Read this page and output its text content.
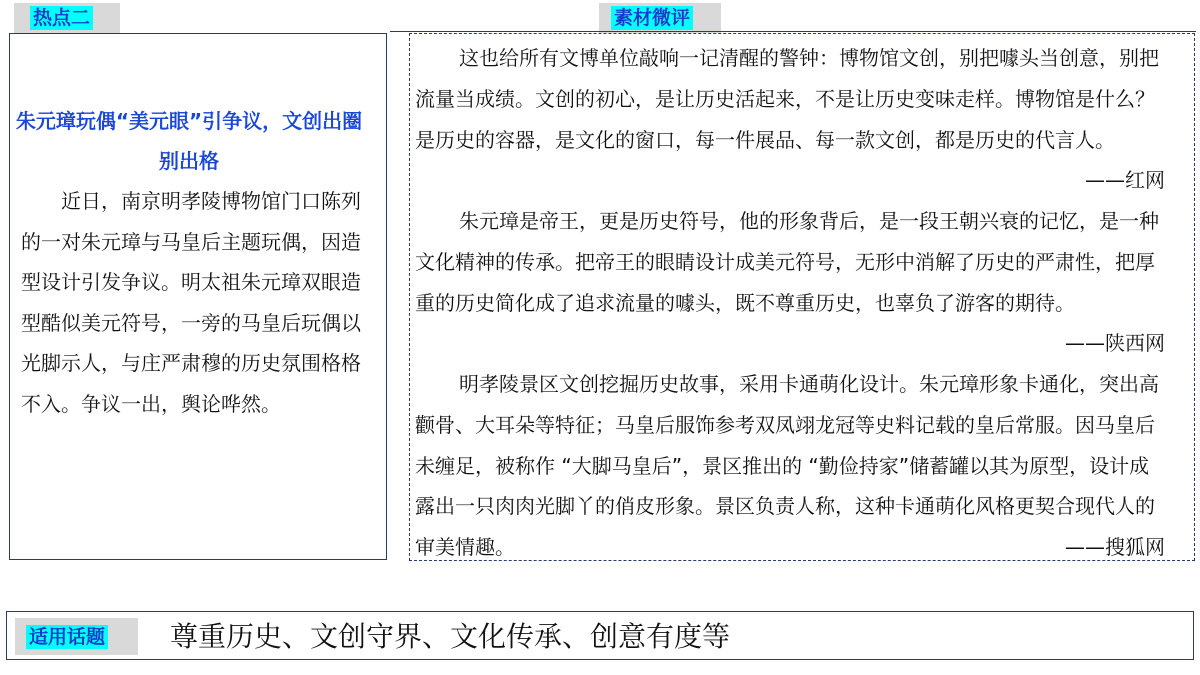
热点二	素材微评
朱元璋玩偶“美元眼”引争议，文创出圈别出格
近日，南京明孝陵博物馆门口陈列的一对朱元璋与马皇后主题玩偶，因造型设计引发争议。明太祖朱元璋双眼造型酷似美元符号，一旁的马皇后玩偶以光脚示人，与庄严肃穆的历史氛围格格不入。争议一出，舆论哗然。
这也给所有文博单位敲响一记清醒的警钟：博物馆文创，别把噱头当创意，别把流量当成绩。文创的初心，是让历史活起来，不是让历史变味走样。博物馆是什么？是历史的容器，是文化的窗口，每一件展品、每一款文创，都是历史的代言人。
——红网
朱元璋是帝王，更是历史符号，他的形象背后，是一段王朝兴衰的记忆，是一种文化精神的传承。把帝王的眼睛设计成美元符号，无形中消解了历史的严肃性，把厚重的历史简化成了追求流量的噱头，既不尊重历史，也辜负了游客的期待。
——陕西网
明孝陵景区文创挖掘历史故事，采用卡通萌化设计。朱元璋形象卡通化，突出高颧骨、大耳朵等特征；马皇后服饰参考双凤翊龙冠等史料记载的皇后常服。因马皇后未缠足，被称作 “大脚马皇后”，景区推出的 “勤俭持家”储蓄罐以其为原型，设计成露出一只肉肉光脚丫的俏皮形象。景区负责人称，这种卡通萌化风格更契合现代人的审美情趣。	——搜狐网
适用话题 尊重历史、文创守界、文化传承、创意有度等
